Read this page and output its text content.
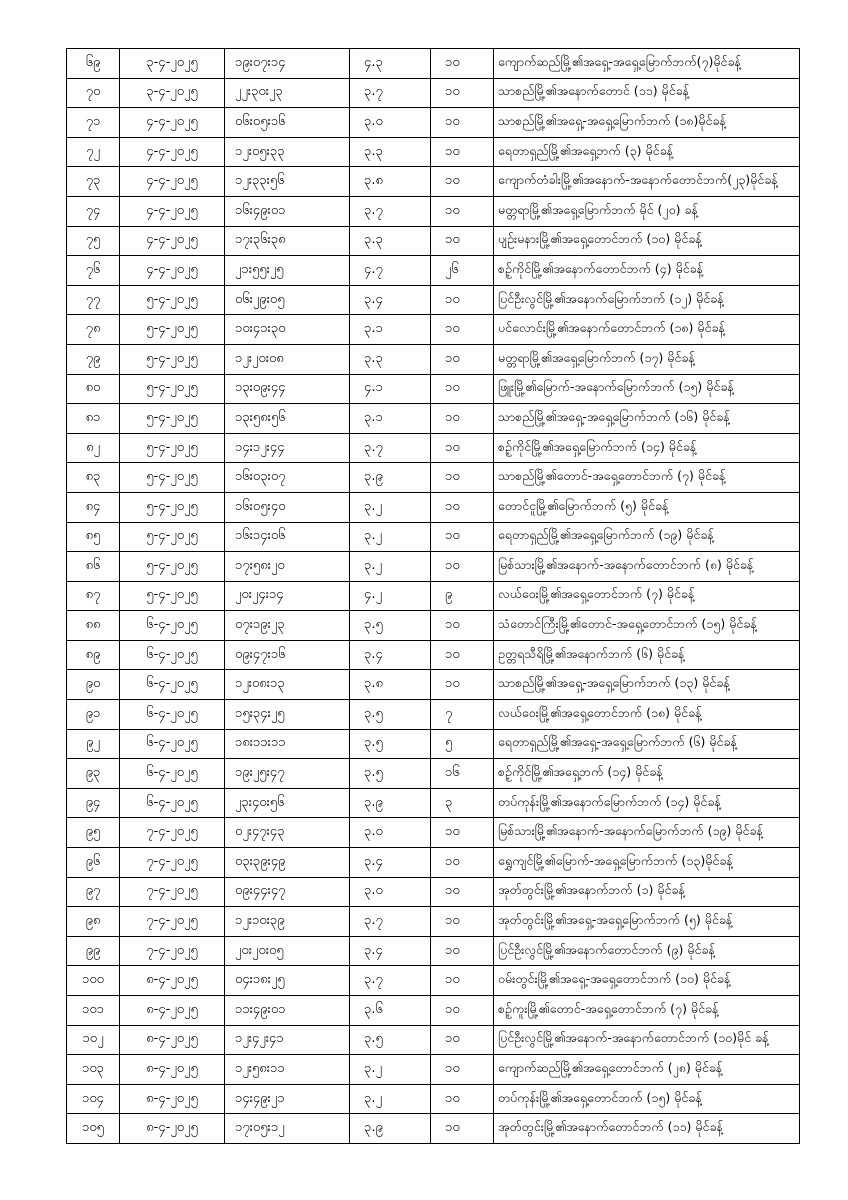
၆၉	၃-၄-၂၀၂၅	၁၉း၀၇း၁၄	၄.၃	၁၀	ကျောက်ဆည်မြို့၏အရှေ့-အရှေ့မြောက်ဘက်(၇)မိုင်ခန့်
၇၀	၃-၄-၂၀၂၅	၂၂း၃၀း၂၃	၃.၇	၁၀	သာစည်မြို့၏အနောက်တောင် (၁၁) မိုင်ခန့်
၇၁	၄-၄-၂၀၂၅	၀၆း၀၅း၁၆	၃.၀	၁၀	သာစည်မြို့၏အရှေ့-အရှေ့မြောက်ဘက် (၁၈)မိုင်ခန့်
၇၂	၄-၄-၂၀၂၅	၁၂း၀၅း၃၃	၃.၃	၁၀	ရေတာရှည်မြို့၏အရှေ့ဘက် (၃) မိုင်ခန့်
၇၃	၄-၄-၂၀၂၅	၁၂း၃၃း၅၆	၃.၈	၁၀	ကျောက်တံခါးမြို့၏အနောက်-အနောက်တောင်ဘက်(၂၃)မိုင်ခန့်
၇၄	၄-၄-၂၀၂၅	၁၆း၄၉း၀၁	၃.၇	၁၀	မတ္တရာမြို့၏အရှေ့မြောက်ဘက် မိုင် (၂၀) ခန့်
၇၅	၄-၄-၂၀၂၅	၁၇း၃၆း၃၈	၃.၃	၁၀	ပျဉ်းမနားမြို့၏အရှေ့တောင်ဘက် (၁၀) မိုင်ခန့်
၇၆	၄-၄-၂၀၂၅	၂၁း၅၅း၂၅	၄.၇	၂၆	စဉ့်ကိုင်မြို့၏အနောက်တောင်ဘက် (၄) မိုင်ခန့်
၇၇	၅-၄-၂၀၂၅	၀၆း၂၉း၀၅	၃.၄	၁၀	ပြင်ဦးလွင်မြို့၏အနောက်မြောက်ဘက် (၁၂) မိုင်ခန့်
၇၈	၅-၄-၂၀၂၅	၁၀း၄၁း၃၀	၃.၁	၁၀	ပင်လောင်းမြို့၏အနောက်တောင်ဘက် (၁၈) မိုင်ခန့်
၇၉	၅-၄-၂၀၂၅	၁၂း၂၀း၀၈	၃.၃	၁၀	မတ္တရာမြို့၏အရှေ့မြောက်ဘက် (၁၇) မိုင်ခန့်
၈၀	၅-၄-၂၀၂၅	၁၃း၀၉း၄၄	၄.၁	၁၀	ဖြူးမြို့၏မြောက်-အနောက်မြောက်ဘက် (၁၅) မိုင်ခန့်
၈၁	၅-၄-၂၀၂၅	၁၃း၅၈း၅၆	၃.၁	၁၀	သာစည်မြို့၏အရှေ့-အရှေ့မြောက်ဘက် (၁၆) မိုင်ခန့်
၈၂	၅-၄-၂၀၂၅	၁၄း၁၂း၄၄	၃.၇	၁၀	စဉ့်ကိုင်မြို့၏အရှေ့မြောက်ဘက် (၁၄) မိုင်ခန့်
၈၃	၅-၄-၂၀၂၅	၁၆း၀၃း၀၇	၃.၉	၁၀	သာစည်မြို့၏တောင်-အရှေ့တောင်ဘက် (၇) မိုင်ခန့်
၈၄	၅-၄-၂၀၂၅	၁၆း၀၅း၄၀	၃.၂	၁၀	တောင်ငူမြို့၏မြောက်ဘက် (၅) မိုင်ခန့်
၈၅	၅-၄-၂၀၂၅	၁၆း၁၄း၀၆	၃.၂	၁၀	ရေတာရှည်မြို့၏အရှေ့မြောက်ဘက် (၁၉) မိုင်ခန့်
၈၆	၅-၄-၂၀၂၅	၁၇း၅၈း၂၀	၃.၂	၁၀	မြစ်သားမြို့၏အနောက်-အနောက်တောင်ဘက် (၈) မိုင်ခန့်
၈၇	၅-၄-၂၀၂၅	၂၀း၂၄း၁၄	၄.၂	၉	လယ်ဝေးမြို့၏အရှေ့တောင်ဘက် (၇) မိုင်ခန့်
၈၈	၆-၄-၂၀၂၅	၀၇း၁၉း၂၃	၃.၅	၁၀	သံတောင်ကြီးမြို့၏တောင်-အရှေ့တောင်ဘက် (၁၅) မိုင်ခန့်
၈၉	၆-၄-၂၀၂၅	၀၉း၄၇း၁၆	၃.၄	၁၀	ဥတ္တရသီရိမြို့၏အနောက်ဘက် (၆) မိုင်ခန့်
၉၀	၆-၄-၂၀၂၅	၁၂း၀၈း၁၃	၃.၈	၁၀	သာစည်မြို့၏အရှေ့-အရှေ့မြောက်ဘက် (၁၃) မိုင်ခန့်
၉၁	၆-၄-၂၀၂၅	၁၅း၃၄း၂၅	၃.၅	၇	လယ်ဝေးမြို့၏အရှေ့တောင်ဘက် (၁၈) မိုင်ခန့်
၉၂	၆-၄-၂၀၂၅	၁၈း၁၁း၁၁	၃.၅	၅	ရေတာရှည်မြို့၏အရှေ့-အရှေ့မြောက်ဘက် (၆) မိုင်ခန့်
၉၃	၆-၄-၂၀၂၅	၁၉း၂၅း၄၇	၃.၅	၁၆	စဉ့်ကိုင်မြို့၏အရှေ့ဘက် (၁၄) မိုင်ခန့်
၉၄	၆-၄-၂၀၂၅	၂၃း၄၀း၅၆	၃.၉	၃	တပ်ကုန်းမြို့၏အနောက်မြောက်ဘက် (၁၄) မိုင်ခန့်
၉၅	၇-၄-၂၀၂၅	၀၂း၄၇း၄၃	၃.၀	၁၀	မြစ်သားမြို့၏အနောက်-အနောက်မြောက်ဘက် (၁၉) မိုင်ခန့်
၉၆	၇-၄-၂၀၂၅	၀၃း၃၉း၄၉	၃.၄	၁၀	ရွှေကျင်မြို့၏မြောက်-အရှေ့မြောက်ဘက် (၁၃)မိုင်ခန့်
၉၇	၇-၄-၂၀၂၅	၀၉း၄၄း၄၇	၃.၀	၁၀	အုတ်တွင်းမြို့၏အနောက်ဘက် (၁) မိုင်ခန့်
၉၈	၇-၄-၂၀၂၅	၁၂း၁၀း၃၉	၃.၇	၁၀	အုတ်တွင်းမြို့၏အရှေ့-အရှေ့မြောက်ဘက် (၅) မိုင်ခန့်
၉၉	၇-၄-၂၀၂၅	၂၀း၂၀း၀၅	၃.၄	၁၀	ပြင်ဦးလွင်မြို့၏အနောက်တောင်ဘက် (၉) မိုင်ခန့်
၁၀၀	၈-၄-၂၀၂၅	၀၄း၁၈း၂၅	၃.၇	၁၀	ဝမ်းတွင်းမြို့၏အရှေ့-အရှေ့တောင်ဘက် (၁၀) မိုင်ခန့်
၁၀၁	၈-၄-၂၀၂၅	၁၁း၄၉း၀၁	၃.၆	၁၀	စဉ့်ကူးမြို့၏တောင်-အရှေ့တောင်ဘက် (၇) မိုင်ခန့်
၁၀၂	၈-၄-၂၀၂၅	၁၂း၄၂း၄၁	၃.၅	၁၀	ပြင်ဦးလွင်မြို့၏အနောက်-အနောက်တောင်ဘက် (၁၀)မိုင် ခန့်
၁၀၃	၈-၄-၂၀၂၅	၁၂း၅၈း၁၁	၃.၂	၁၀	ကျောက်ဆည်မြို့၏အရှေ့တောင်ဘက် (၂၈) မိုင်ခန့်
၁၀၄	၈-၄-၂၀၂၅	၁၄း၄၉း၂၁	၃.၂	၁၀	တပ်ကုန်းမြို့၏အရှေ့တောင်ဘက် (၁၅) မိုင်ခန့်
၁၀၅	၈-၄-၂၀၂၅	၁၇း၀၅း၁၂	၃.၉	၁၀	အုတ်တွင်းမြို့၏အနောက်တောင်ဘက် (၁၁) မိုင်ခန့်
